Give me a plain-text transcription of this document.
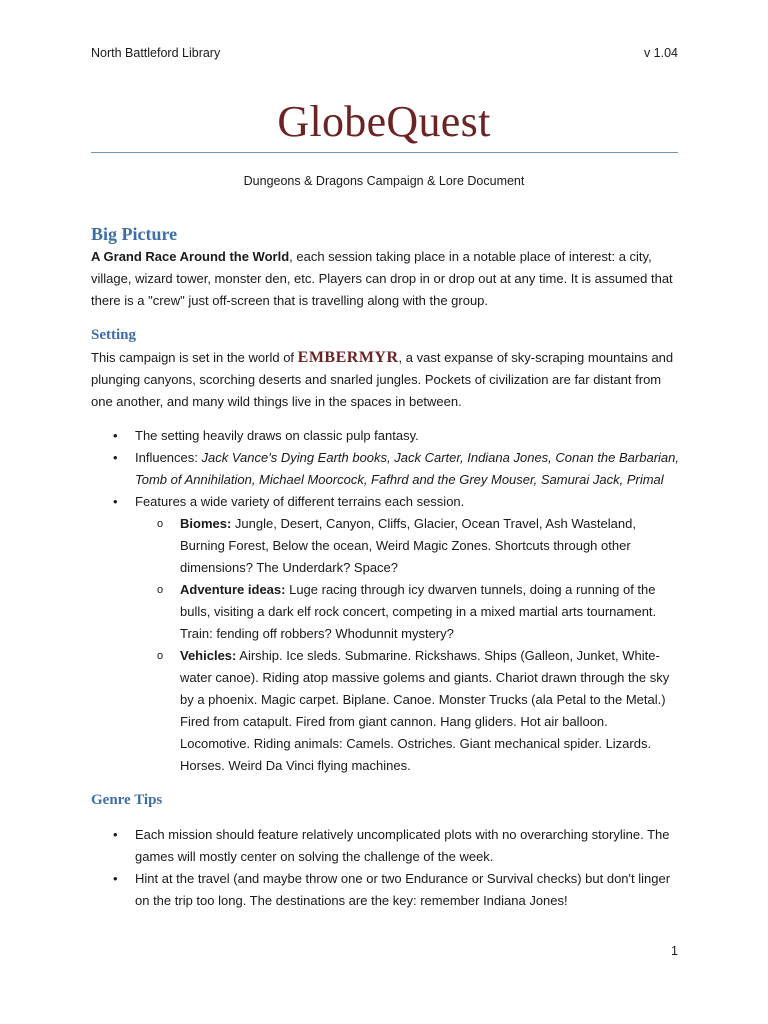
North Battleford Library	v 1.04
GlobeQuest
Dungeons & Dragons Campaign & Lore Document
Big Picture

A Grand Race Around the World, each session taking place in a notable place of interest: a city, village, wizard tower, monster den, etc. Players can drop in or drop out at any time. It is assumed that there is a "crew" just off-screen that is travelling along with the group.

Setting

This campaign is set in the world of EMBERMYR, a vast expanse of sky-scraping mountains and plunging canyons, scorching deserts and snarled jungles. Pockets of civilization are far distant from one another, and many wild things live in the spaces in between.

• The setting heavily draws on classic pulp fantasy.
• Influences: Jack Vance's Dying Earth books, Jack Carter, Indiana Jones, Conan the Barbarian, Tomb of Annihilation, Michael Moorcock, Fafhrd and the Grey Mouser, Samurai Jack, Primal
• Features a wide variety of different terrains each session.
o Biomes: Jungle, Desert, Canyon, Cliffs, Glacier, Ocean Travel, Ash Wasteland, Burning Forest, Below the ocean, Weird Magic Zones. Shortcuts through other dimensions? The Underdark? Space?
o Adventure ideas: Luge racing through icy dwarven tunnels, doing a running of the bulls, visiting a dark elf rock concert, competing in a mixed martial arts tournament. Train: fending off robbers? Whodunnit mystery?
o Vehicles: Airship. Ice sleds. Submarine. Rickshaws. Ships (Galleon, Junket, White-water canoe). Riding atop massive golems and giants. Chariot drawn through the sky by a phoenix. Magic carpet. Biplane. Canoe. Monster Trucks (ala Petal to the Metal.) Fired from catapult. Fired from giant cannon. Hang gliders. Hot air balloon. Locomotive. Riding animals: Camels. Ostriches. Giant mechanical spider. Lizards. Horses. Weird Da Vinci flying machines.
Genre Tips
• Each mission should feature relatively uncomplicated plots with no overarching storyline. The games will mostly center on solving the challenge of the week.
• Hint at the travel (and maybe throw one or two Endurance or Survival checks) but don't linger on the trip too long. The destinations are the key: remember Indiana Jones!
1
